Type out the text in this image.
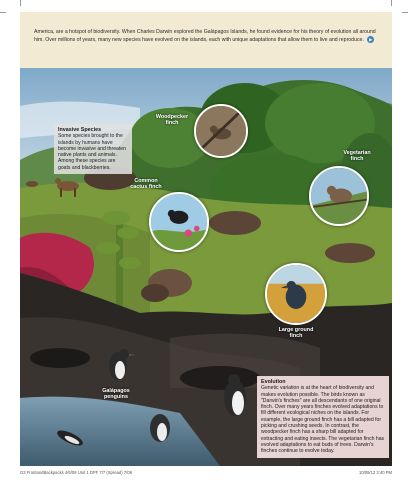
America, are a hotspot of biodiversity. When Charles Darwin explored the Galápagos Islands, he found evidence for his theory of evolution all around him. Over millions of years, many new species have evolved on the islands, each with unique adaptations that allow them to live and reproduce. ▶
Woodpecker finch
Vegetarian finch
Common cactus finch
Large ground finch
Galápagos penguins
Invasive Species
Some species brought to the islands by humans have become invasive and threaten native plants and animals. Among these species are goats and blackberries.
Evolution
Genetic variation is at the heart of biodiversity and makes evolution possible. The birds known as "Darwin's finches" are all descendants of one original finch. Over many years finches evolved adaptations to fill different ecological niches on the islands. For example, the large ground finch has a bill adapted for picking and crushing seeds. In contrast, the woodpecker finch has a sharp bill adapted for extracting and eating insects. The vegetarian finch has evolved adaptations to eat buds of trees. Darwin's finches continue to evolve today.
G3 FrontandBackpacks 4/6/08 Unit 1 DPF 7/7 (Spread) 7/08	10/08/13 3:40 PM
